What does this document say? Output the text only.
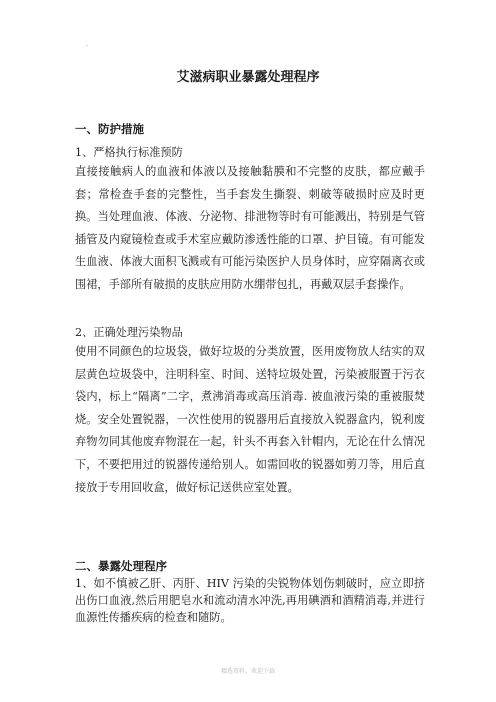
.
艾滋病职业暴露处理程序
一、防护措施
1、严格执行标准预防

直接接触病人的血液和体液以及接触黏膜和不完整的皮肤，都应戴手套；常检查手套的完整性，当手套发生撕裂、刺破等破损时应及时更换。当处理血液、体液、分泌物、排泄物等时有可能溅出，特别是气管插管及内窥镜检查或手术室应戴防渗透性能的口罩、护目镜。有可能发生血液、体液大面积飞溅或有可能污染医护人员身体时，应穿隔离衣或围裙，手部所有破损的皮肤应用防水绷带包扎，再戴双层手套操作。

2、正确处理污染物品

使用不同颜色的垃圾袋，做好垃圾的分类放置，医用废物放人结实的双层黄色垃圾袋中，注明科室、时间、送特垃圾处置，污染被服置于污衣袋内，标上“隔离”二字，煮沸消毒或高压消毒. 被血液污染的重被服焚烧。安全处置锐器，一次性使用的锐器用后直接放入锐器盒内，锐利废弃物勿同其他废弃物混在一起，针头不再套入针帽内，无论在什么情况下，不要把用过的锐器传递给别人。如需回收的锐器如剪刀等，用后直接放于专用回收盒，做好标记送供应室处置。

二、暴露处理程序

1、如不慎被乙肝、丙肝、HIV 污染的尖锐物体划伤刺破时，应立即挤出伤口血液,然后用肥皂水和流动清水冲洗,再用碘酒和酒精消毒,并进行血源性传播疾病的检查和随防。

精选资料，欢迎下载
